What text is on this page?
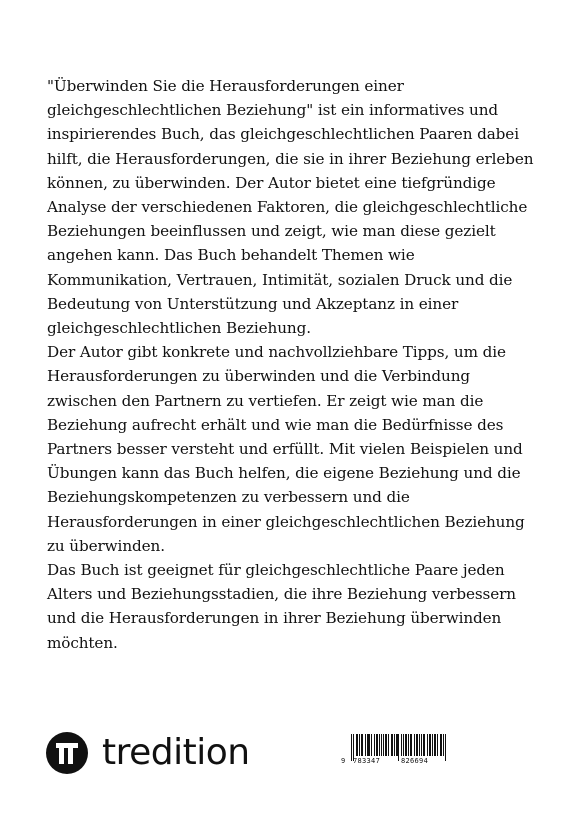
"Überwinden Sie die Herausforderungen einer
gleichgeschlechtlichen Beziehung" ist ein informatives und
inspirierendes Buch, das gleichgeschlechtlichen Paaren dabei
hilft, die Herausforderungen, die sie in ihrer Beziehung erleben
können, zu überwinden. Der Autor bietet eine tiefgründige
Analyse der verschiedenen Faktoren, die gleichgeschlechtliche
Beziehungen beeinflussen und zeigt, wie man diese gezielt
angehen kann. Das Buch behandelt Themen wie
Kommunikation, Vertrauen, Intimität, sozialen Druck und die
Bedeutung von Unterstützung und Akzeptanz in einer
gleichgeschlechtlichen Beziehung.

Der Autor gibt konkrete und nachvollziehbare Tipps, um die
Herausforderungen zu überwinden und die Verbindung
zwischen den Partnern zu vertiefen. Er zeigt wie man die
Beziehung aufrecht erhält und wie man die Bedürfnisse des
Partners besser versteht und erfüllt. Mit vielen Beispielen und
Übungen kann das Buch helfen, die eigene Beziehung und die
Beziehungskompetenzen zu verbessern und die
Herausforderungen in einer gleichgeschlechtlichen Beziehung
zu überwinden.

Das Buch ist geeignet für gleichgeschlechtliche Paare jeden
Alters und Beziehungsstadien, die ihre Beziehung verbessern
und die Herausforderungen in ihrer Beziehung überwinden
möchten.

tredition	9 783347	826694
